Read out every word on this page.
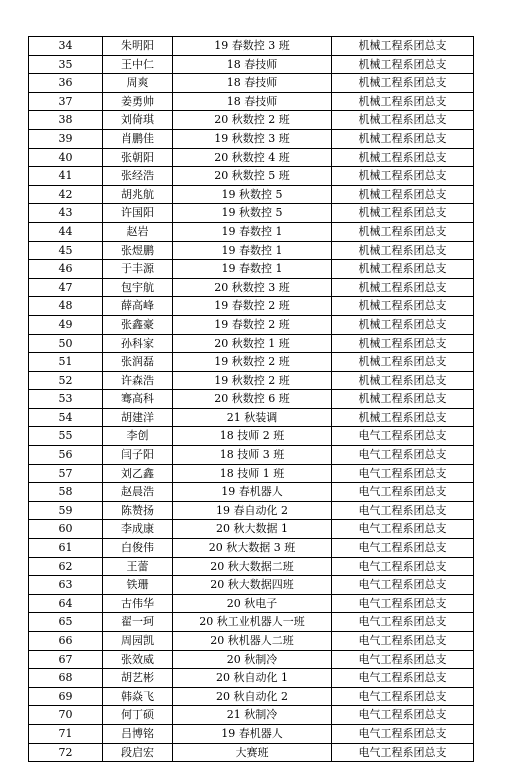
34	朱明阳	19 春数控 3 班	机械工程系团总支
35	王中仁	18 春技师	机械工程系团总支
36	周爽	18 春技师	机械工程系团总支
37	姜勇帅	18 春技师	机械工程系团总支
38	刘倚琪	20 秋数控 2 班	机械工程系团总支
39	肖鹏佳	19 秋数控 3 班	机械工程系团总支
40	张朝阳	20 秋数控 4 班	机械工程系团总支
41	张经浩	20 秋数控 5 班	机械工程系团总支
42	胡兆航	19 秋数控 5	机械工程系团总支
43	许国阳	19 秋数控 5	机械工程系团总支
44	赵岩	19 春数控 1	机械工程系团总支
45	张煜鹏	19 春数控 1	机械工程系团总支
46	于丰源	19 春数控 1	机械工程系团总支
47	包宇航	20 秋数控 3 班	机械工程系团总支
48	薛高峰	19 春数控 2 班	机械工程系团总支
49	张鑫豪	19 春数控 2 班	机械工程系团总支
50	孙科家	20 秋数控 1 班	机械工程系团总支
51	张润磊	19 秋数控 2 班	机械工程系团总支
52	许森浩	19 秋数控 2 班	机械工程系团总支
53	骞高科	20 秋数控 6 班	机械工程系团总支
54	胡建洋	21 秋装调	机械工程系团总支
55	李创	18 技师 2 班	电气工程系团总支
56	闫子阳	18 技师 3 班	电气工程系团总支
57	刘乙鑫	18 技师 1 班	电气工程系团总支
58	赵晨浩	19 春机器人	电气工程系团总支
59	陈赞扬	19 春自动化 2	电气工程系团总支
60	李成康	20 秋大数据 1	电气工程系团总支
61	白俊伟	20 秋大数据 3 班	电气工程系团总支
62	王蕾	20 秋大数据二班	电气工程系团总支
63	铁珊	20 秋大数据四班	电气工程系团总支
64	古伟华	20 秋电子	电气工程系团总支
65	翟一珂	20 秋工业机器人一班	电气工程系团总支
66	周园凯	20 秋机器人二班	电气工程系团总支
67	张效威	20 秋制冷	电气工程系团总支
68	胡艺彬	20 秋自动化 1	电气工程系团总支
69	韩焱飞	20 秋自动化 2	电气工程系团总支
70	何丁硕	21 秋制冷	电气工程系团总支
71	吕博铭	19 春机器人	电气工程系团总支
72	段启宏	大赛班	电气工程系团总支
